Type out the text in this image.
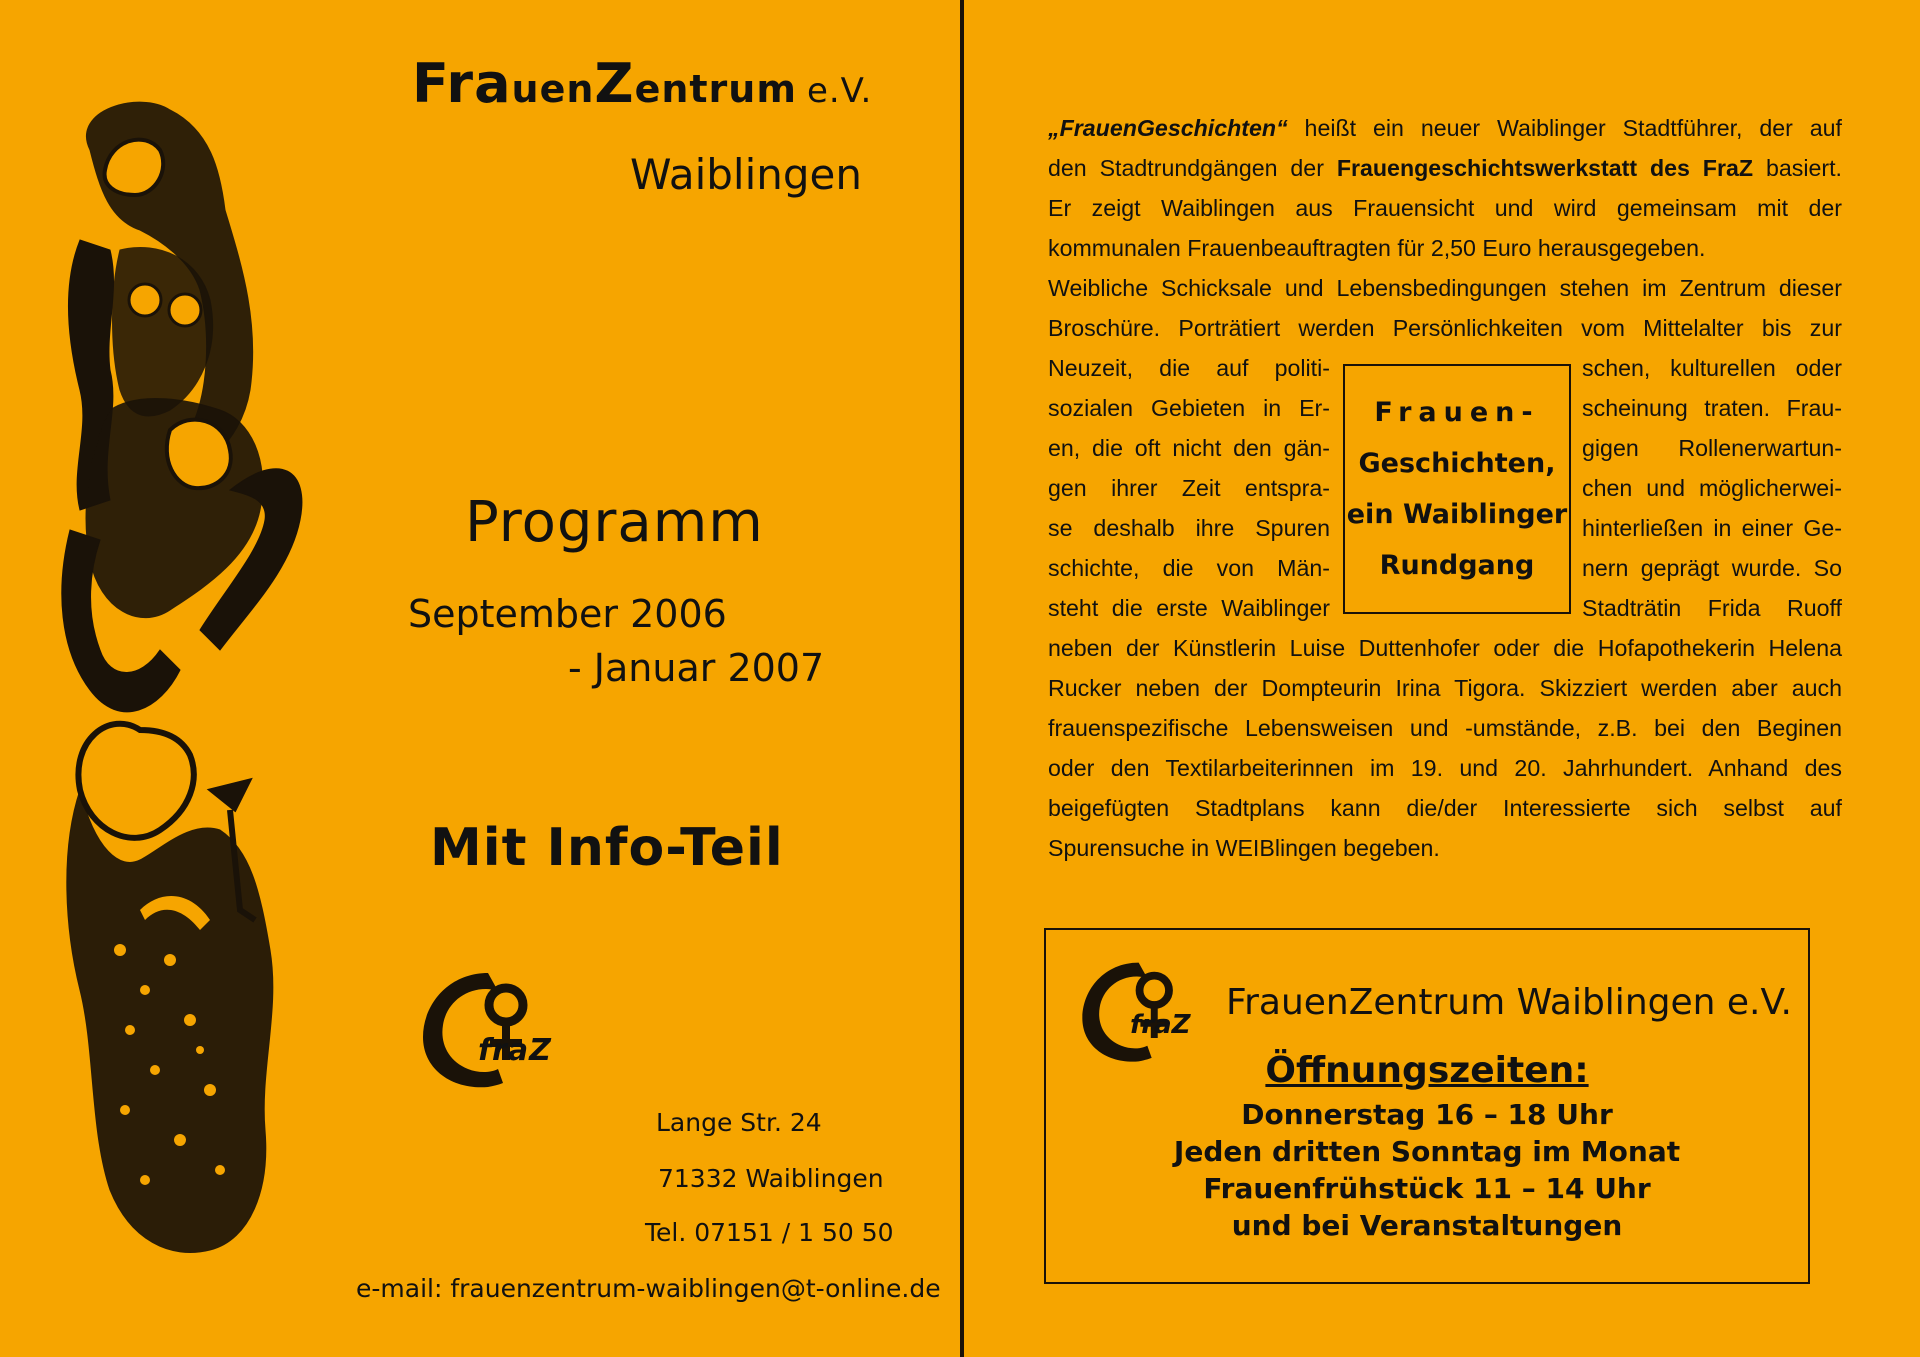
FrauenZentrum e.V.
Waiblingen
Programm
September 2006
- Januar 2007
Mit Info-Teil
fraZ
Lange Str. 24
71332 Waiblingen
Tel. 07151 / 1 50 50
e-mail: frauenzentrum-waiblingen@t-online.de
„FrauenGeschichten“ heißt ein neuer Waiblinger Stadtführer, der auf
den Stadtrundgängen der Frauengeschichtswerkstatt des FraZ basiert.
Er zeigt Waiblingen aus Frauensicht und wird gemeinsam mit der
kommunalen Frauenbeauftragten für 2,50 Euro herausgegeben.
Weibliche Schicksale und Lebensbedingungen stehen im Zentrum dieser
Broschüre. Porträtiert werden Persönlichkeiten vom Mittelalter bis zur
Neuzeit, die auf politi-
sozialen Gebieten in Er-
en, die oft nicht den gän-
gen ihrer Zeit entspra-
se deshalb ihre Spuren
schichte, die von Män-
steht die erste Waiblinger
Frauen-
Geschichten,
ein Waiblinger
Rundgang
schen, kulturellen oder
scheinung traten. Frau-
gigen Rollenerwartun-
chen und möglicherwei-
hinterließen in einer Ge-
nern geprägt wurde. So
Stadträtin Frida Ruoff
neben der Künstlerin Luise Duttenhofer oder die Hofapothekerin Helena
Rucker neben der Dompteurin Irina Tigora. Skizziert werden aber auch
frauenspezifische Lebensweisen und -umstände, z.B. bei den Beginen
oder den Textilarbeiterinnen im 19. und 20. Jahrhundert. Anhand des
beigefügten Stadtplans kann die/der Interessierte sich selbst auf
Spurensuche in WEIBlingen begeben.
fraZ
FrauenZentrum Waiblingen e.V.
Öffnungszeiten:
Donnerstag 16 – 18 Uhr
Jeden dritten Sonntag im Monat
Frauenfrühstück 11 – 14 Uhr
und bei Veranstaltungen
